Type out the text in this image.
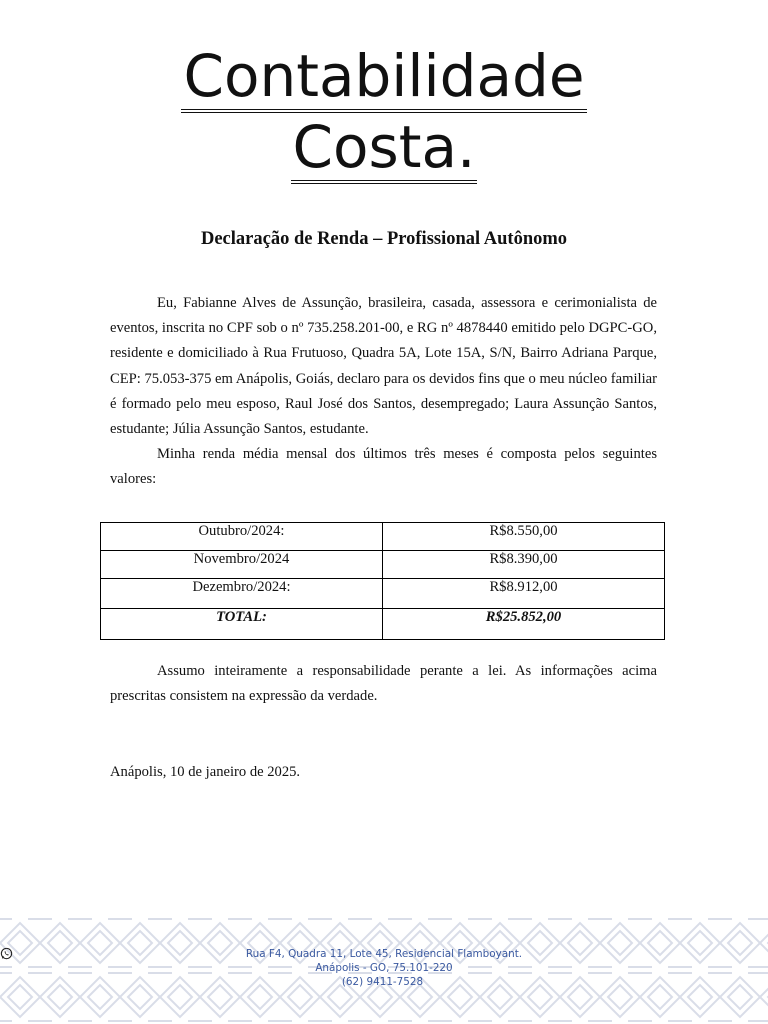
Contabilidade
Costa.
Declaração de Renda – Profissional Autônomo

Eu, Fabianne Alves de Assunção, brasileira, casada, assessora e cerimonialista de eventos, inscrita no CPF sob o nº 735.258.201-00, e RG nº 4878440 emitido pelo DGPC-GO, residente e domiciliado à Rua Frutuoso, Quadra 5A, Lote 15A, S/N, Bairro Adriana Parque, CEP: 75.053-375 em Anápolis, Goiás, declaro para os devidos fins que o meu núcleo familiar é formado pelo meu esposo, Raul José dos Santos, desempregado; Laura Assunção Santos, estudante; Júlia Assunção Santos, estudante.

Minha renda média mensal dos últimos três meses é composta pelos seguintes valores:

Outubro/2024:	R$8.550,00
Novembro/2024	R$8.390,00
Dezembro/2024:	R$8.912,00
TOTAL:	R$25.852,00

Assumo inteiramente a responsabilidade perante a lei. As informações acima prescritas consistem na expressão da verdade.

Anápolis, 10 de janeiro de 2025.

Rua F4, Quadra 11, Lote 45, Residencial Flamboyant.
Anápolis - GO, 75.101-220
(62) 9411-7528
